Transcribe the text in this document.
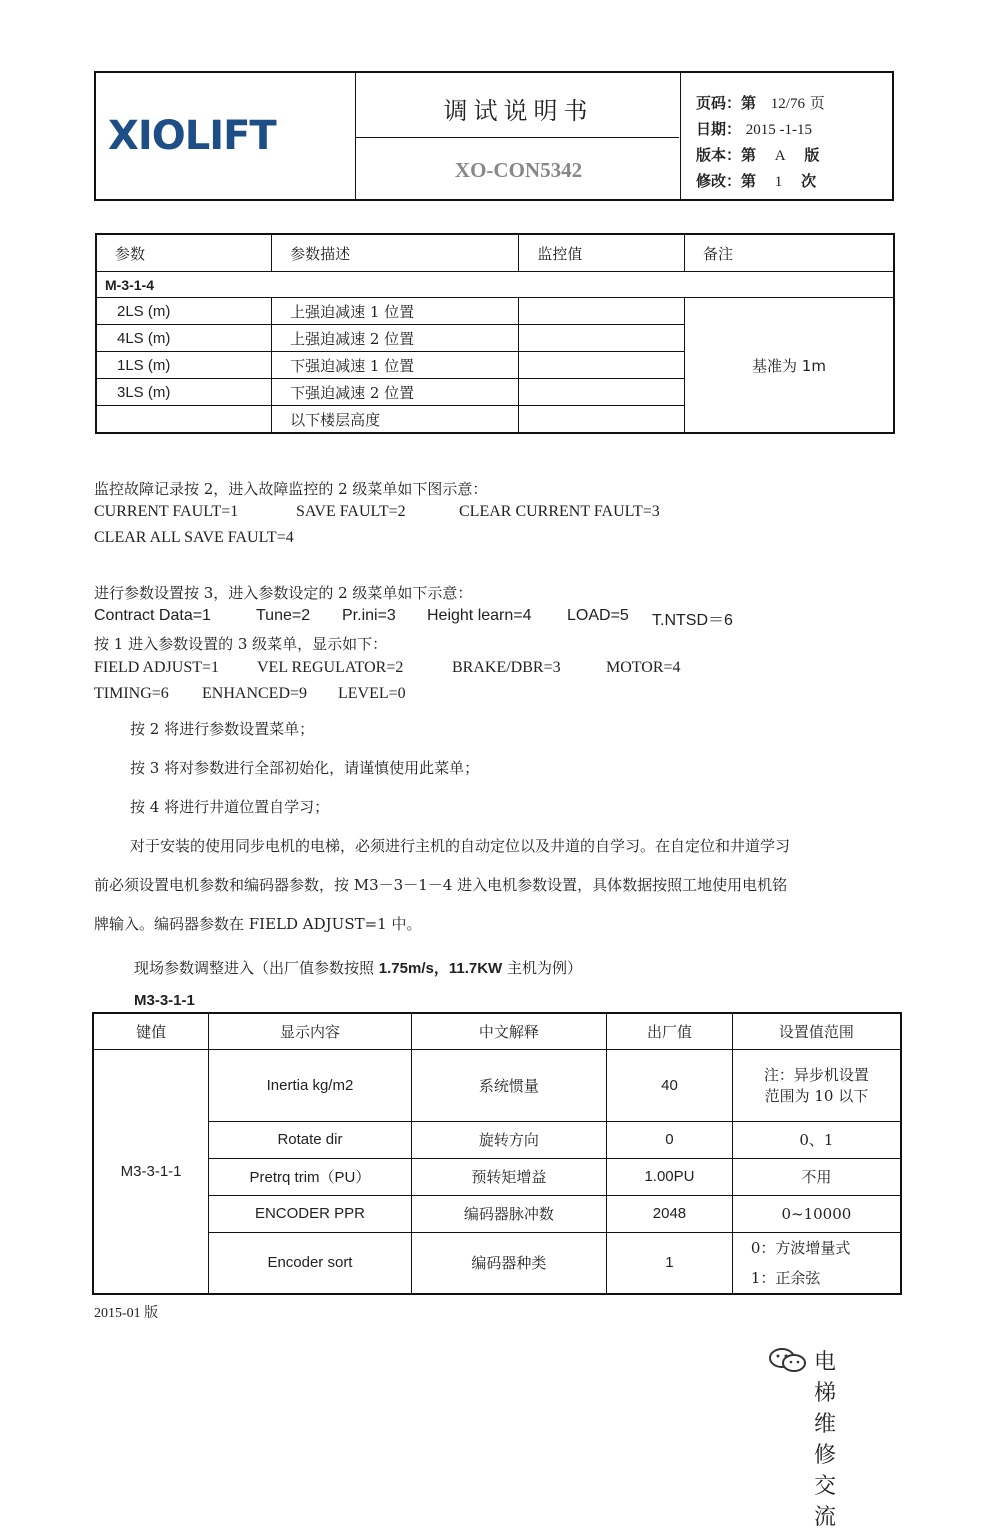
XIOLIFT
调试说明书
XO-CON5342
页码：第 12/76 页
日期： 2015 -1-15
版本：第 A 版
修改：第 1 次
参数	参数描述	监控值	备注
M-3-1-4			
2LS (m)	上强迫减速 1 位置		基准为 1m
4LS (m)	上强迫减速 2 位置		
1LS (m)	下强迫减速 1 位置		
3LS (m)	下强迫减速 2 位置		
	以下楼层高度		
监控故障记录按 2，进入故障监控的 2 级菜单如下图示意：
CURRENT FAULT=1	SAVE FAULT=2	CLEAR CURRENT FAULT=3
CLEAR ALL SAVE FAULT=4
进行参数设置按 3，进入参数设定的 2 级菜单如下示意：
Contract Data=1	Tune=2 Pr.ini=3 Height learn=4 LOAD=5 T.NTSD＝6
按 1 进入参数设置的 3 级菜单，显示如下：
FIELD ADJUST=1 VEL REGULATOR=2	BRAKE/DBR=3	MOTOR=4
TIMING=6 ENHANCED=9 LEVEL=0
按 2 将进行参数设置菜单；
按 3 将对参数进行全部初始化，请谨慎使用此菜单；
按 4 将进行井道位置自学习；
对于安装的使用同步电机的电梯，必须进行主机的自动定位以及井道的自学习。在自定位和井道学习
前必须设置电机参数和编码器参数，按 M3－3－1－4 进入电机参数设置，具体数据按照工地使用电机铭
牌输入。编码器参数在 FIELD ADJUST=1 中。
现场参数调整进入（出厂值参数按照 1.75m/s，11.7KW 主机为例）
M3-3-1-1
键值	显示内容	中文解释	出厂值	设置值范围
M3-3-1-1	Inertia kg/m2	系统惯量	40	注：异步机设置
范围为 10 以下

	Rotate dir	旋转方向	0	0、1
	Pretrq trim（PU）	预转矩增益	1.00PU	不用
	ENCODER PPR	编码器脉冲数	2048	0~10000
	Encoder sort	编码器种类	1	0：方波增量式
1：正余弦
2015-01 版
电梯维修交流
